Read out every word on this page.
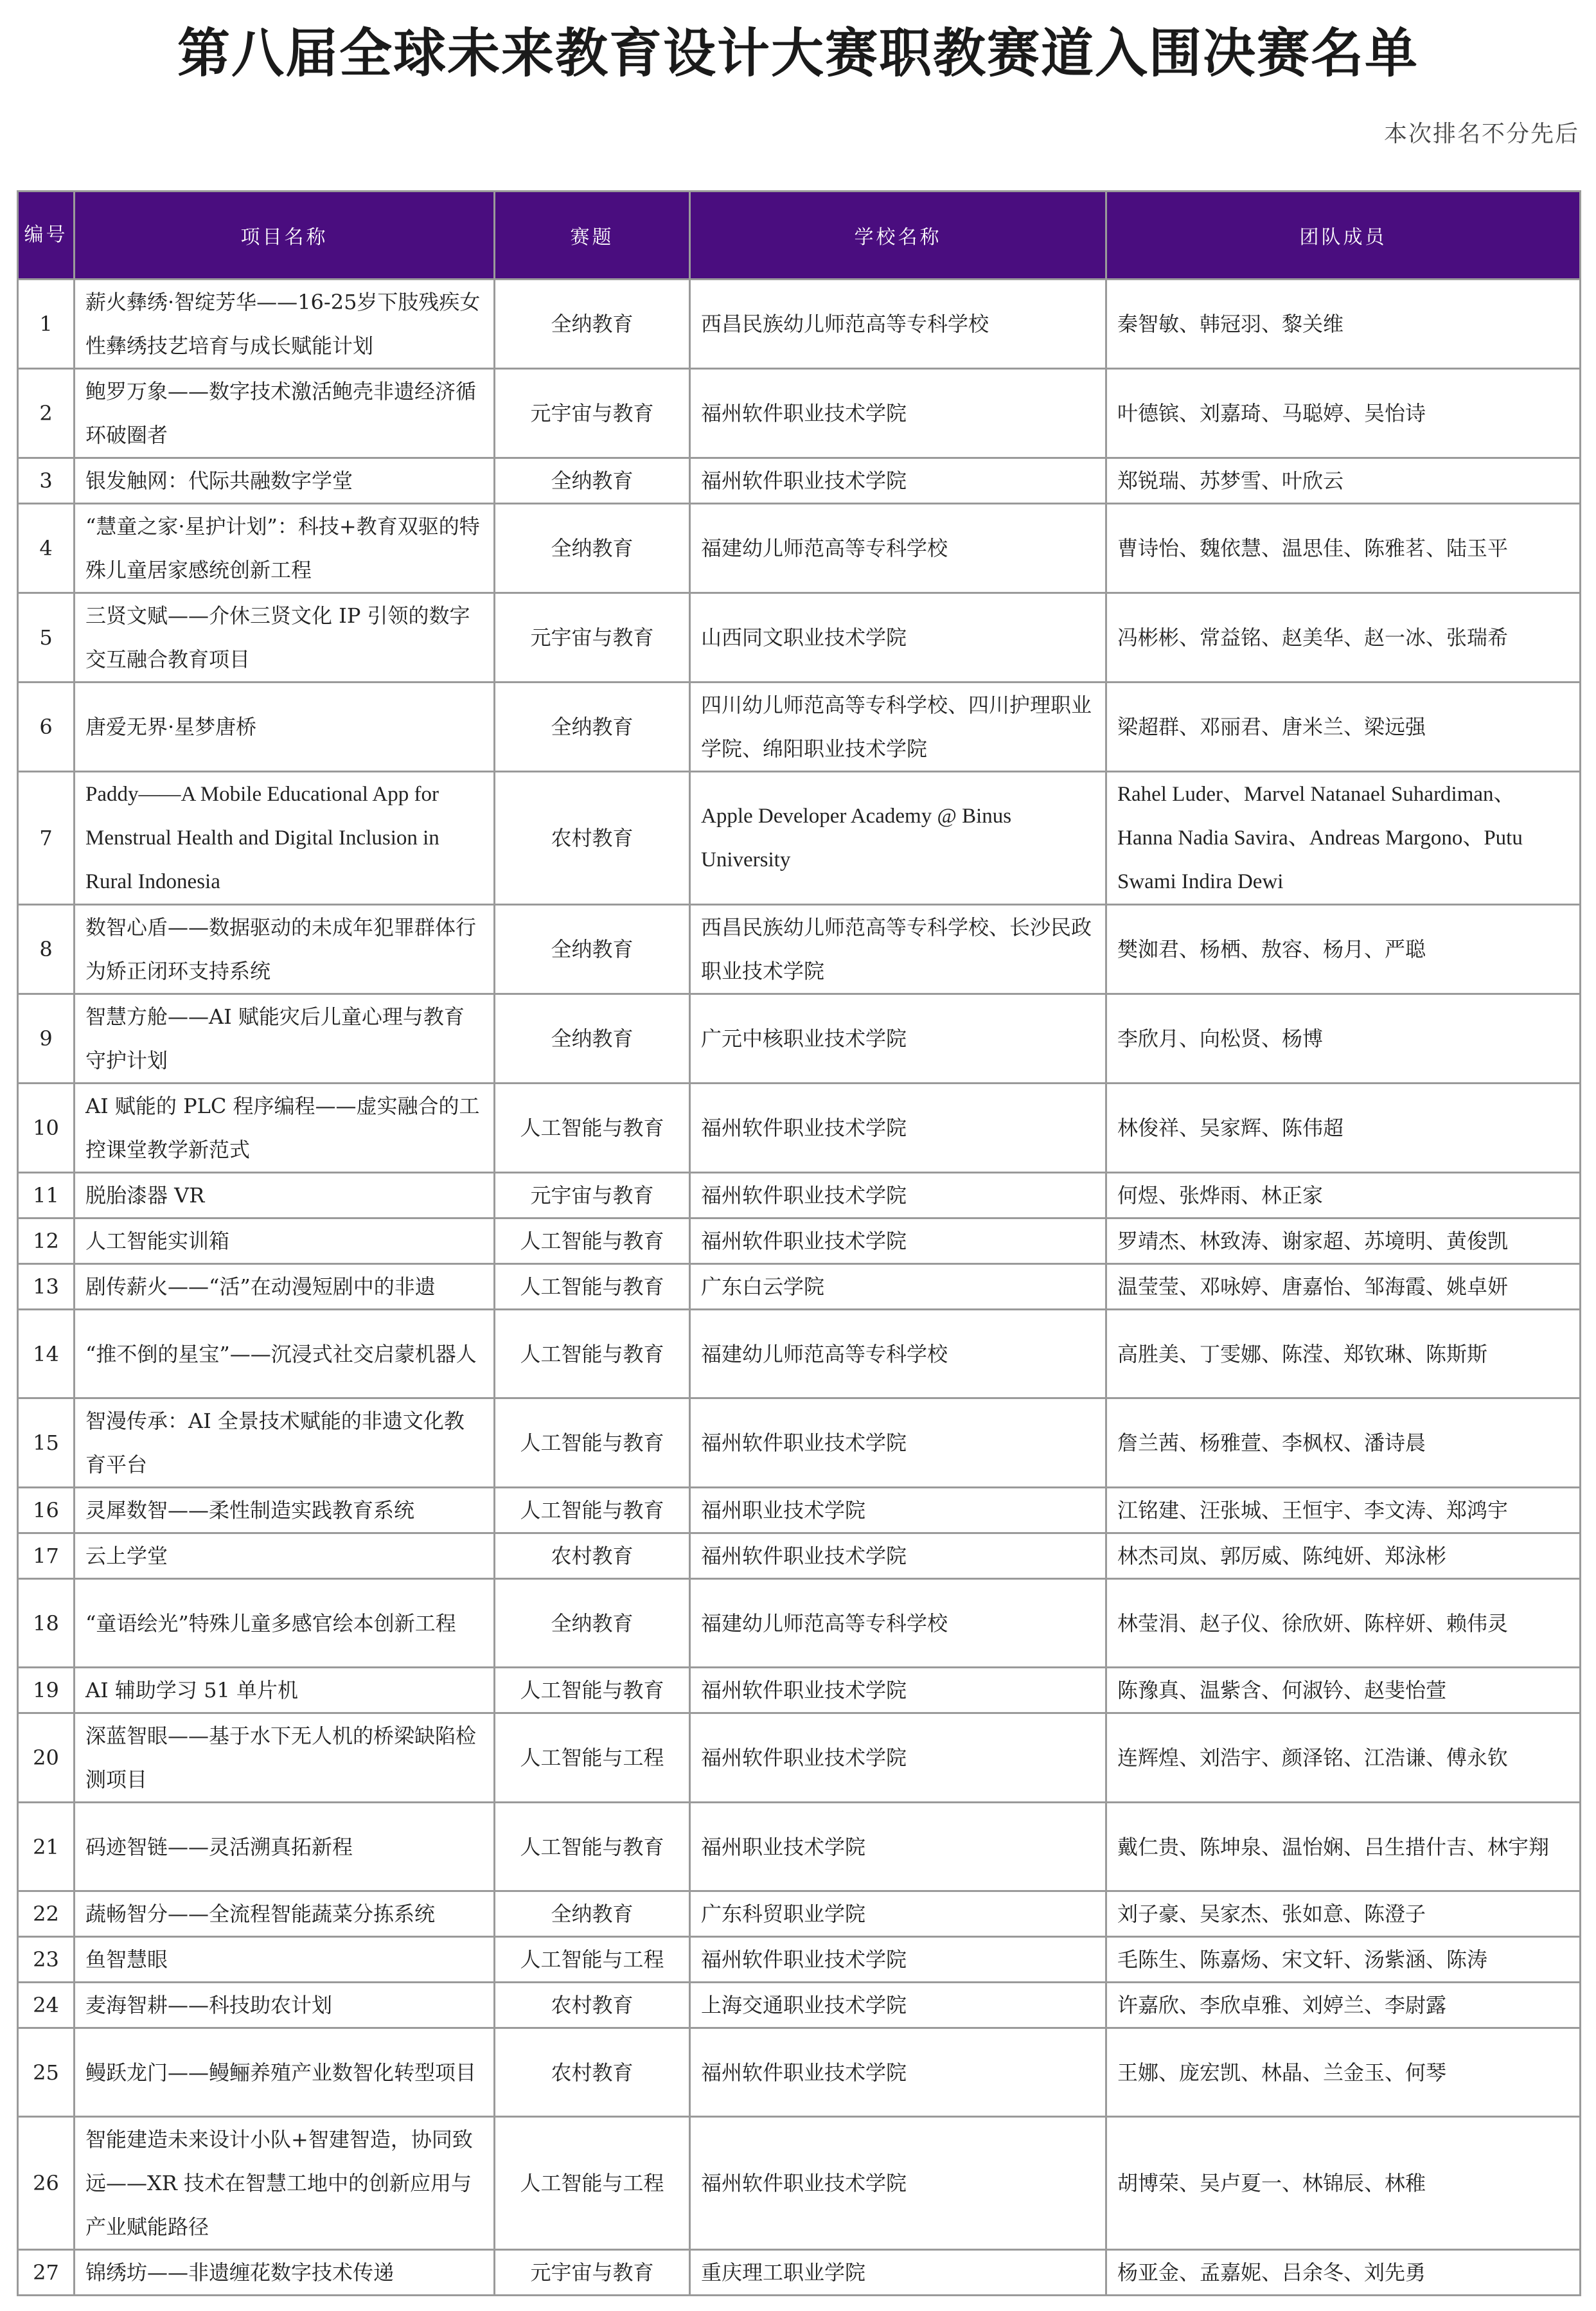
第八届全球未来教育设计大赛职教赛道入围决赛名单
本次排名不分先后
编号	项目名称	赛题	学校名称	团队成员
1	薪火彝绣·智绽芳华——16-25岁下肢残疾女性彝绣技艺培育与成长赋能计划	全纳教育	西昌民族幼儿师范高等专科学校	秦智敏、韩冠羽、黎关维
2	鲍罗万象——数字技术激活鲍壳非遗经济循环破圈者	元宇宙与教育	福州软件职业技术学院	叶德镔、刘嘉琦、马聪婷、吴怡诗
3	银发触网：代际共融数字学堂	全纳教育	福州软件职业技术学院	郑锐瑞、苏梦雪、叶欣云
4	“慧童之家·星护计划”：科技+教育双驱的特殊儿童居家感统创新工程	全纳教育	福建幼儿师范高等专科学校	曹诗怡、魏依慧、温思佳、陈雅茗、陆玉平
5	三贤文赋——介休三贤文化 IP 引领的数字交互融合教育项目	元宇宙与教育	山西同文职业技术学院	冯彬彬、常益铭、赵美华、赵一冰、张瑞希
6	唐爱无界·星梦唐桥	全纳教育	四川幼儿师范高等专科学校、四川护理职业学院、绵阳职业技术学院	梁超群、邓丽君、唐米兰、梁远强
7	Paddy——A Mobile Educational App for Menstrual Health and Digital Inclusion in Rural Indonesia	农村教育	Apple Developer Academy @ Binus University	Rahel Luder、Marvel Natanael Suhardiman、Hanna Nadia Savira、Andreas Margono、Putu Swami Indira Dewi
8	数智心盾——数据驱动的未成年犯罪群体行为矫正闭环支持系统	全纳教育	西昌民族幼儿师范高等专科学校、长沙民政职业技术学院	樊洳君、杨栖、敖容、杨月、严聪
9	智慧方舱——AI 赋能灾后儿童心理与教育守护计划	全纳教育	广元中核职业技术学院	李欣月、向松贤、杨博
10	AI 赋能的 PLC 程序编程——虚实融合的工控课堂教学新范式	人工智能与教育	福州软件职业技术学院	林俊祥、吴家辉、陈伟超
11	脱胎漆器 VR	元宇宙与教育	福州软件职业技术学院	何煜、张烨雨、林正家
12	人工智能实训箱	人工智能与教育	福州软件职业技术学院	罗靖杰、林致涛、谢家超、苏境明、黄俊凯
13	剧传薪火——“活”在动漫短剧中的非遗	人工智能与教育	广东白云学院	温莹莹、邓咏婷、唐嘉怡、邹海霞、姚卓妍
14	“推不倒的星宝”——沉浸式社交启蒙机器人	人工智能与教育	福建幼儿师范高等专科学校	高胜美、丁雯娜、陈滢、郑钦琳、陈斯斯
15	智漫传承：AI 全景技术赋能的非遗文化教育平台	人工智能与教育	福州软件职业技术学院	詹兰茜、杨雅萱、李枫权、潘诗晨
16	灵犀数智——柔性制造实践教育系统	人工智能与教育	福州职业技术学院	江铭建、汪张城、王恒宇、李文涛、郑鸿宇
17	云上学堂	农村教育	福州软件职业技术学院	林杰司岚、郭厉威、陈纯妍、郑泳彬
18	“童语绘光”特殊儿童多感官绘本创新工程	全纳教育	福建幼儿师范高等专科学校	林莹涓、赵子仪、徐欣妍、陈梓妍、赖伟灵
19	AI 辅助学习 51 单片机	人工智能与教育	福州软件职业技术学院	陈豫真、温紫含、何淑钤、赵斐怡萱
20	深蓝智眼——基于水下无人机的桥梁缺陷检测项目	人工智能与工程	福州软件职业技术学院	连辉煌、刘浩宇、颜泽铭、江浩谦、傅永钦
21	码迹智链——灵活溯真拓新程	人工智能与教育	福州职业技术学院	戴仁贵、陈坤泉、温怡娴、吕生措什吉、林宇翔
22	蔬畅智分——全流程智能蔬菜分拣系统	全纳教育	广东科贸职业学院	刘子豪、吴家杰、张如意、陈澄子
23	鱼智慧眼	人工智能与工程	福州软件职业技术学院	毛陈生、陈嘉炀、宋文轩、汤紫涵、陈涛
24	麦海智耕——科技助农计划	农村教育	上海交通职业技术学院	许嘉欣、李欣卓雅、刘婷兰、李尉露
25	鳗跃龙门——鳗鲡养殖产业数智化转型项目	农村教育	福州软件职业技术学院	王娜、庞宏凯、林晶、兰金玉、何琴
26	智能建造未来设计小队+智建智造，协同致远——XR 技术在智慧工地中的创新应用与产业赋能路径	人工智能与工程	福州软件职业技术学院	胡博荣、吴卢夏一、林锦辰、林稚
27	锦绣坊——非遗缠花数字技术传递	元宇宙与教育	重庆理工职业学院	杨亚金、孟嘉妮、吕余冬、刘先勇
